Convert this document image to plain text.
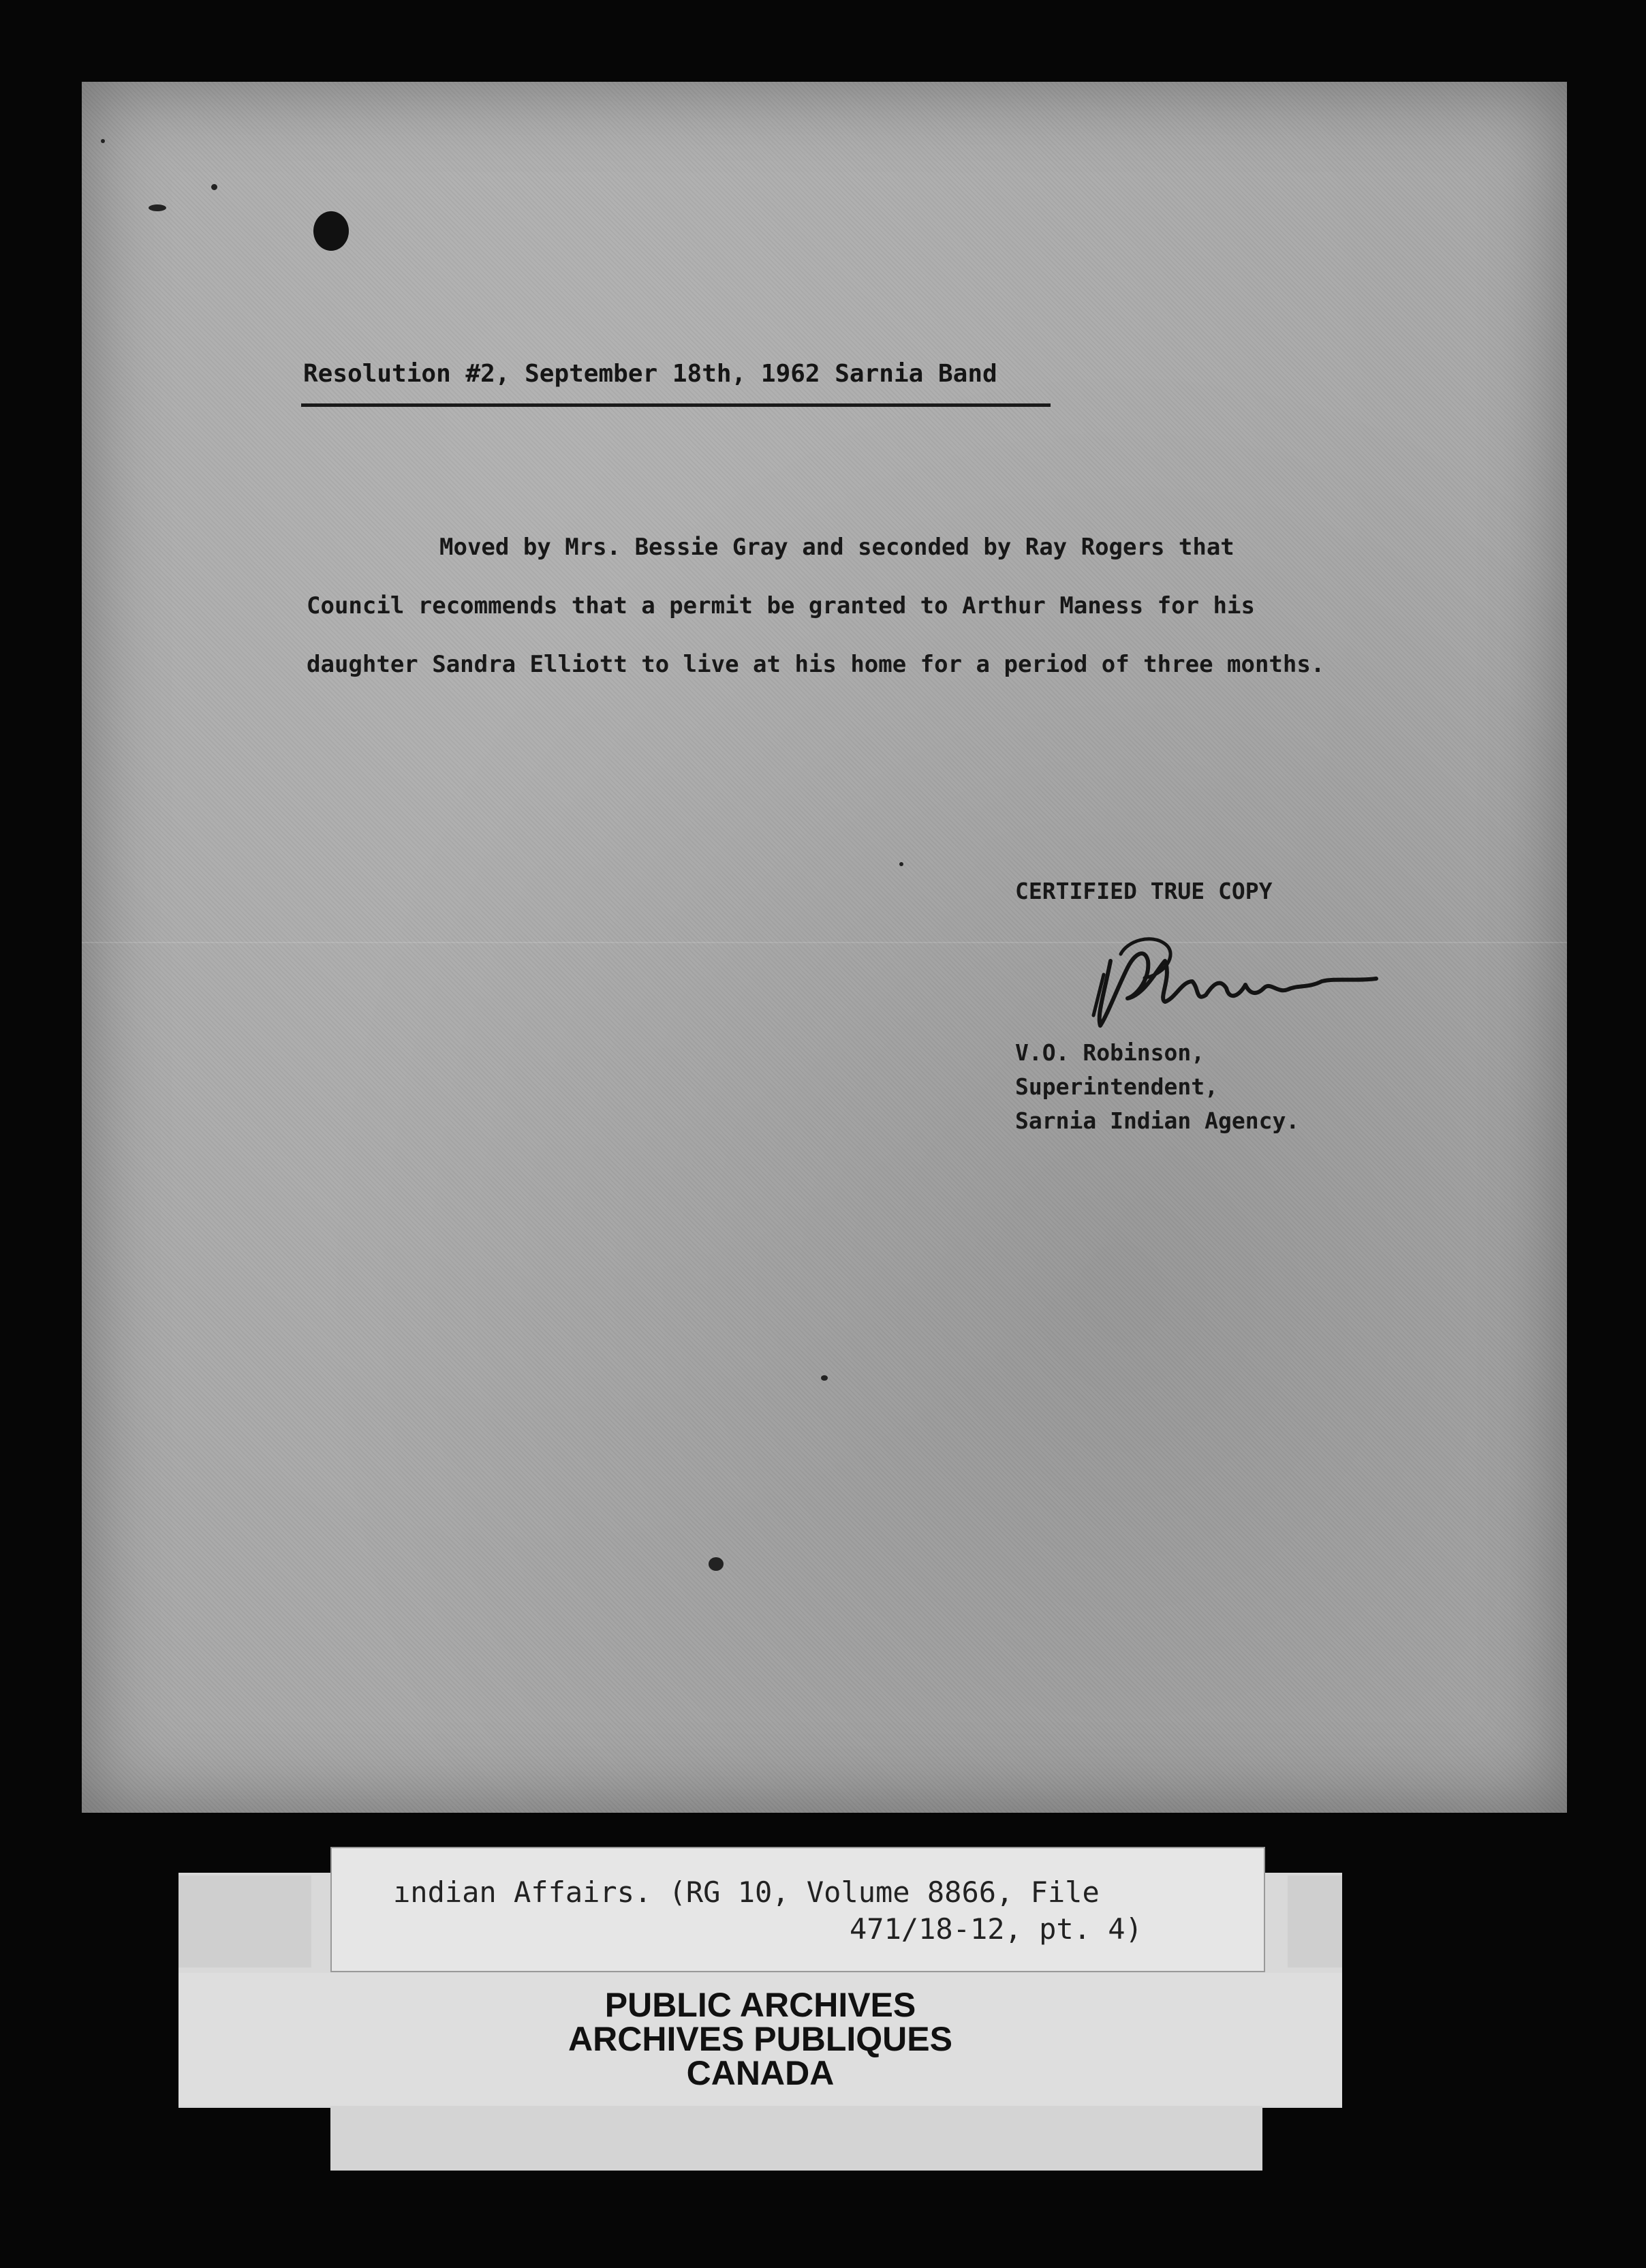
Resolution #2, September 18th, 1962 Sarnia Band
Moved by Mrs. Bessie Gray and seconded by Ray Rogers that
Council recommends that a permit be granted to Arthur Maness for his
daughter Sandra Elliott to live at his home for a period of three months.
CERTIFIED TRUE COPY
V.O. Robinson,
Superintendent,
Sarnia Indian Agency.
ındian Affairs. (RG 10, Volume 8866, File
471/18-12, pt. 4)
PUBLIC ARCHIVES
ARCHIVES PUBLIQUES
CANADA
